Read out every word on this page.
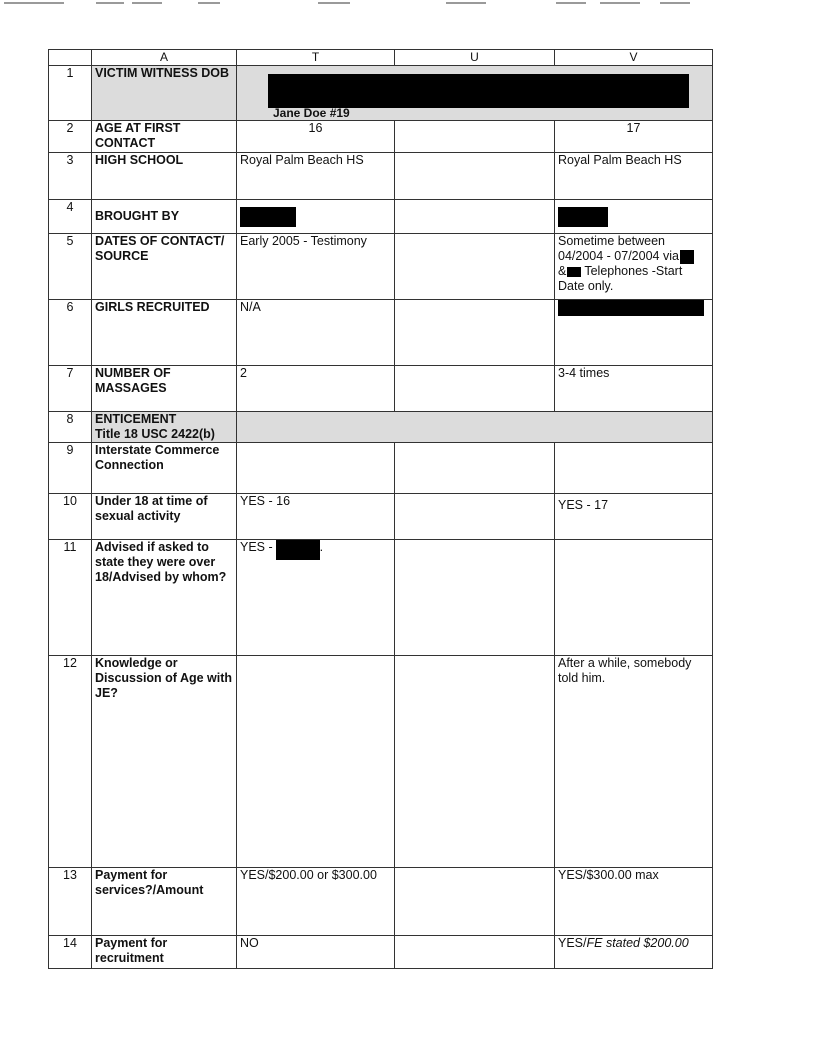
	A	T	U	V
1	VICTIM WITNESS DOB	Jane Doe #19		

2	AGE AT FIRST CONTACT	16		17
3	HIGH SCHOOL	Royal Palm Beach HS		Royal Palm Beach HS
4	BROUGHT BY			
5	DATES OF CONTACT/ SOURCE	Early 2005 - Testimony		Sometime between
04/2004 - 07/2004 via
& Telephones -Start
Date only.

6	GIRLS RECRUITED	N/A		
7	NUMBER OF MASSAGES	2		3-4 times
8	ENTICEMENT
Title 18 USC 2422(b)			

9	Interstate Commerce Connection			
10	Under 18 at time of sexual activity	YES - 16		YES - 17
11	Advised if asked to state they were over 18/Advised by whom?	YES - .		
12	Knowledge or Discussion of Age with JE?			After a while, somebody told him.
13	Payment for services?/Amount	YES/$200.00 or $300.00		YES/$300.00 max
14	Payment for recruitment	NO		YES/FE stated $200.00
